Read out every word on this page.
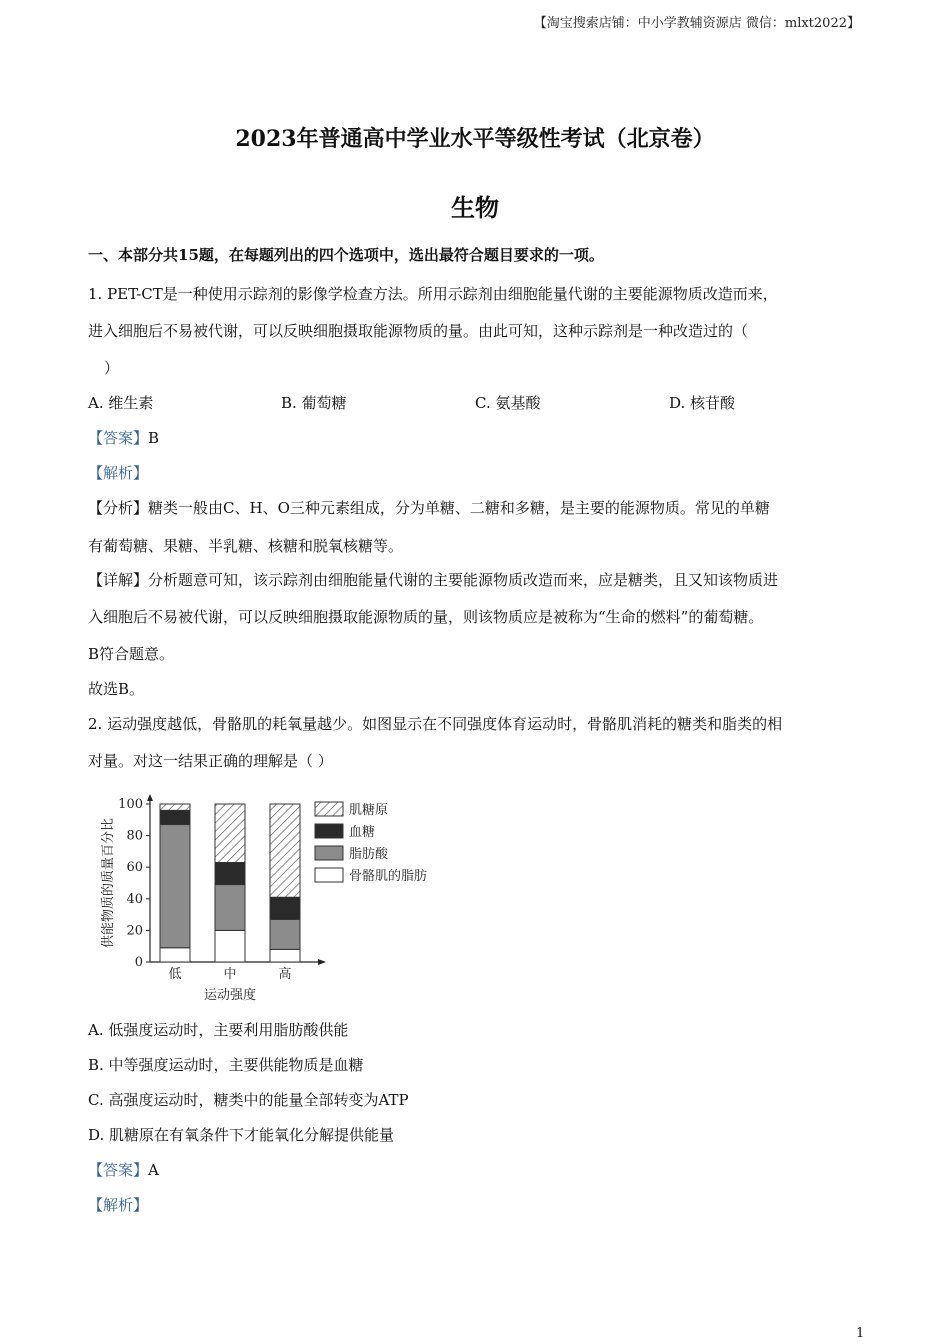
【淘宝搜索店铺：中小学教辅资源店 微信：mlxt2022】
2023年普通高中学业水平等级性考试（北京卷）
生物
一、本部分共15题，在每题列出的四个选项中，选出最符合题目要求的一项。
1. PET-CT是一种使用示踪剂的影像学检查方法。所用示踪剂由细胞能量代谢的主要能源物质改造而来，
进入细胞后不易被代谢，可以反映细胞摄取能源物质的量。由此可知，这种示踪剂是一种改造过的（
）
A. 维生素	B. 葡萄糖	C. 氨基酸	D. 核苷酸
【答案】B
【解析】
【分析】糖类一般由C、H、O三种元素组成，分为单糖、二糖和多糖，是主要的能源物质。常见的单糖
有葡萄糖、果糖、半乳糖、核糖和脱氧核糖等。
【详解】分析题意可知，该示踪剂由细胞能量代谢的主要能源物质改造而来，应是糖类，且又知该物质进
入细胞后不易被代谢，可以反映细胞摄取能源物质的量，则该物质应是被称为“生命的燃料”的葡萄糖。
B符合题意。
故选B。
2. 运动强度越低，骨骼肌的耗氧量越少。如图显示在不同强度体育运动时，骨骼肌消耗的糖类和脂类的相
对量。对这一结果正确的理解是（ ）
0
20
40
60
80
100
供能物质的质量百分比
低	中	高
运动强度
肌糖原
血糖
脂肪酸
骨骼肌的脂肪
A. 低强度运动时，主要利用脂肪酸供能
B. 中等强度运动时，主要供能物质是血糖
C. 高强度运动时，糖类中的能量全部转变为ATP
D. 肌糖原在有氧条件下才能氧化分解提供能量
【答案】A
【解析】
1
